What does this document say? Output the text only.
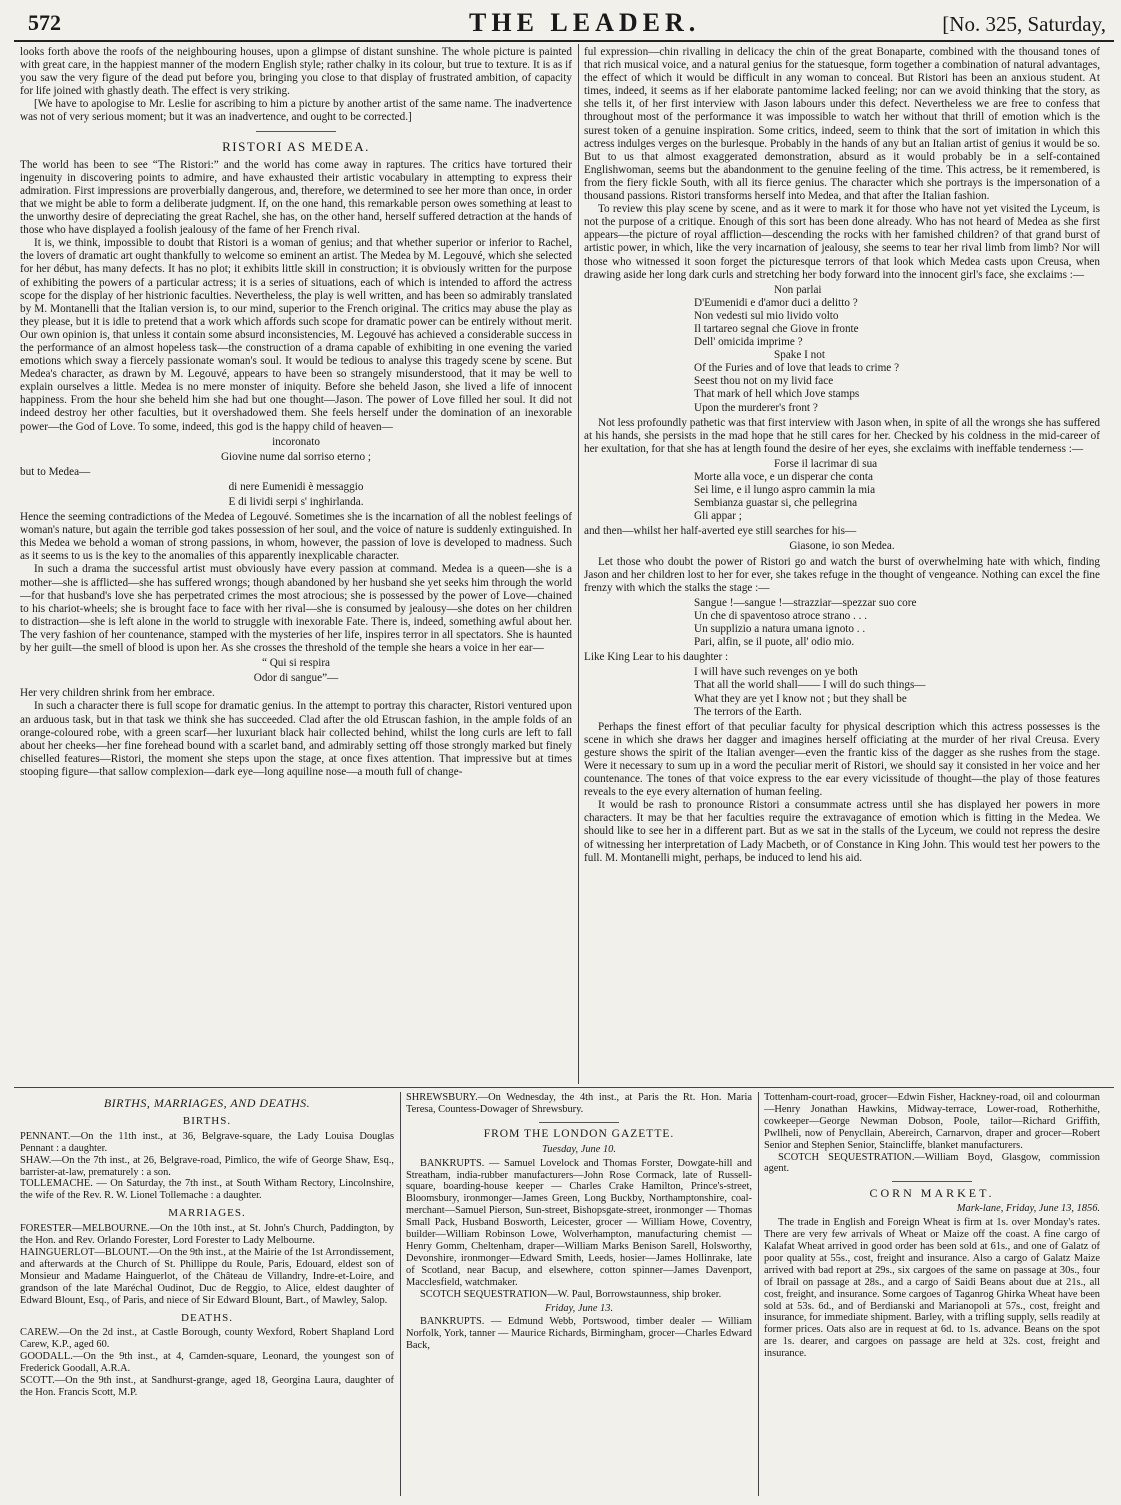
572	THE LEADER.	[No. 325, Saturday,

looks forth above the roofs of the neighbouring houses, upon a glimpse of distant sunshine. The whole picture is painted with great care, in the happiest manner of the modern English style; rather chalky in its colour, but true to texture. It is as if you saw the very figure of the dead put before you, bringing you close to that display of frustrated ambition, of capacity for life joined with ghastly death. The effect is very striking.

[We have to apologise to Mr. Leslie for ascribing to him a picture by another artist of the same name. The inadvertence was not of very serious moment; but it was an inadvertence, and ought to be corrected.]

RISTORI AS MEDEA.

The world has been to see “The Ristori:” and the world has come away in raptures. The critics have tortured their ingenuity in discovering points to admire, and have exhausted their artistic vocabulary in attempting to express their admiration. First impressions are proverbially dangerous, and, therefore, we determined to see her more than once, in order that we might be able to form a deliberate judgment. If, on the one hand, this remarkable person owes something at least to the unworthy desire of depreciating the great Rachel, she has, on the other hand, herself suffered detraction at the hands of those who have displayed a foolish jealousy of the fame of her French rival.

It is, we think, impossible to doubt that Ristori is a woman of genius; and that whether superior or inferior to Rachel, the lovers of dramatic art ought thankfully to welcome so eminent an artist. The Medea by M. Legouvé, which she selected for her début, has many defects. It has no plot; it exhibits little skill in construction; it is obviously written for the purpose of exhibiting the powers of a particular actress; it is a series of situations, each of which is intended to afford the actress scope for the display of her histrionic faculties. Nevertheless, the play is well written, and has been so admirably translated by M. Montanelli that the Italian version is, to our mind, superior to the French original. The critics may abuse the play as they please, but it is idle to pretend that a work which affords such scope for dramatic power can be entirely without merit. Our own opinion is, that unless it contain some absurd inconsistencies, M. Legouvé has achieved a considerable success in the performance of an almost hopeless task—the construction of a drama capable of exhibiting in one evening the varied emotions which sway a fiercely passionate woman's soul. It would be tedious to analyse this tragedy scene by scene. But Medea's character, as drawn by M. Legouvé, appears to have been so strangely misunderstood, that it may be well to explain ourselves a little. Medea is no mere monster of iniquity. Before she beheld Jason, she lived a life of innocent happiness. From the hour she beheld him she had but one thought—Jason. The power of Love filled her soul. It did not indeed destroy her other faculties, but it overshadowed them. She feels herself under the domination of an inexorable power—the God of Love. To some, indeed, this god is the happy child of heaven—

incoronato
Giovine nume dal sorriso eterno ;

but to Medea—

di nere Eumenidi è messaggio
E di lividi serpi s' inghirlanda.

Hence the seeming contradictions of the Medea of Legouvé. Sometimes she is the incarnation of all the noblest feelings of woman's nature, but again the terrible god takes possession of her soul, and the voice of nature is suddenly extinguished. In this Medea we behold a woman of strong passions, in whom, however, the passion of love is developed to madness. Such as it seems to us is the key to the anomalies of this apparently inexplicable character.

In such a drama the successful artist must obviously have every passion at command. Medea is a queen—she is a mother—she is afflicted—she has suffered wrongs; though abandoned by her husband she yet seeks him through the world—for that husband's love she has perpetrated crimes the most atrocious; she is possessed by the power of Love—chained to his chariot-wheels; she is brought face to face with her rival—she is consumed by jealousy—she dotes on her children to distraction—she is left alone in the world to struggle with inexorable Fate. There is, indeed, something awful about her. The very fashion of her countenance, stamped with the mysteries of her life, inspires terror in all spectators. She is haunted by her guilt—the smell of blood is upon her. As she crosses the threshold of the temple she hears a voice in her ear—

“ Qui si respira
Odor di sangue”—

Her very children shrink from her embrace.

In such a character there is full scope for dramatic genius. In the attempt to portray this character, Ristori ventured upon an arduous task, but in that task we think she has succeeded. Clad after the old Etruscan fashion, in the ample folds of an orange-coloured robe, with a green scarf—her luxuriant black hair collected behind, whilst the long curls are left to fall about her cheeks—her fine forehead bound with a scarlet band, and admirably setting off those strongly marked but finely chiselled features—Ristori, the moment she steps upon the stage, at once fixes attention. That impressive but at times stooping figure—that sallow complexion—dark eye—long aquiline nose—a mouth full of change-

ful expression—chin rivalling in delicacy the chin of the great Bonaparte, combined with the thousand tones of that rich musical voice, and a natural genius for the statuesque, form together a combination of natural advantages, the effect of which it would be difficult in any woman to conceal. But Ristori has been an anxious student. At times, indeed, it seems as if her elaborate pantomime lacked feeling; nor can we avoid thinking that the story, as she tells it, of her first interview with Jason labours under this defect. Nevertheless we are free to confess that throughout most of the performance it was impossible to watch her without that thrill of emotion which is the surest token of a genuine inspiration. Some critics, indeed, seem to think that the sort of imitation in which this actress indulges verges on the burlesque. Probably in the hands of any but an Italian artist of genius it would be so. But to us that almost exaggerated demonstration, absurd as it would probably be in a self-contained Englishwoman, seems but the abandonment to the genuine feeling of the time. This actress, be it remembered, is from the fiery fickle South, with all its fierce genius. The character which she portrays is the impersonation of a thousand passions. Ristori transforms herself into Medea, and that after the Italian fashion.

To review this play scene by scene, and as it were to mark it for those who have not yet visited the Lyceum, is not the purpose of a critique. Enough of this sort has been done already. Who has not heard of Medea as she first appears—the picture of royal affliction—descending the rocks with her famished children? of that grand burst of artistic power, in which, like the very incarnation of jealousy, she seems to tear her rival limb from limb? Nor will those who witnessed it soon forget the picturesque terrors of that look which Medea casts upon Creusa, when drawing aside her long dark curls and stretching her body forward into the innocent girl's face, she exclaims :—

Non parlai
D'Eumenidi e d'amor duci a delitto ?
Non vedesti sul mio livido volto
Il tartareo segnal che Giove in fronte
Dell' omicida imprime ?
Spake I not
Of the Furies and of love that leads to crime ?
Seest thou not on my livid face
That mark of hell which Jove stamps
Upon the murderer's front ?

Not less profoundly pathetic was that first interview with Jason when, in spite of all the wrongs she has suffered at his hands, she persists in the mad hope that he still cares for her. Checked by his coldness in the mid-career of her exultation, for that she has at length found the desire of her eyes, she exclaims with ineffable tenderness :—

Forse il lacrimar di sua
Morte alla voce, e un disperar che conta
Sei lime, e il lungo aspro cammin la mia
Sembianza guastar si, che pellegrina
Gli appar ;

and then—whilst her half-averted eye still searches for his—

Giasone, io son Medea.

Let those who doubt the power of Ristori go and watch the burst of overwhelming hate with which, finding Jason and her children lost to her for ever, she takes refuge in the thought of vengeance. Nothing can excel the fine frenzy with which the stalks the stage :—

Sangue !—sangue !—strazziar—spezzar suo core
Un che di spaventoso atroce strano . . .
Un supplizio a natura umana ignoto . .
Pari, alfin, se il puote, all' odio mio.

Like King Lear to his daughter :

I will have such revenges on ye both
That all the world shall—— I will do such things—
What they are yet I know not ; but they shall be
The terrors of the Earth.

Perhaps the finest effort of that peculiar faculty for physical description which this actress possesses is the scene in which she draws her dagger and imagines herself officiating at the murder of her rival Creusa. Every gesture shows the spirit of the Italian avenger—even the frantic kiss of the dagger as she rushes from the stage. Were it necessary to sum up in a word the peculiar merit of Ristori, we should say it consisted in her voice and her countenance. The tones of that voice express to the ear every vicissitude of thought—the play of those features reveals to the eye every alternation of human feeling.

It would be rash to pronounce Ristori a consummate actress until she has displayed her powers in more characters. It may be that her faculties require the extravagance of emotion which is fitting in the Medea. We should like to see her in a different part. But as we sat in the stalls of the Lyceum, we could not repress the desire of witnessing her interpretation of Lady Macbeth, or of Constance in King John. This would test her powers to the full. M. Montanelli might, perhaps, be induced to lend his aid.

BIRTHS, MARRIAGES, AND DEATHS.
BIRTHS.

PENNANT.—On the 11th inst., at 36, Belgrave-square, the Lady Louisa Douglas Pennant : a daughter.

SHAW.—On the 7th inst., at 26, Belgrave-road, Pimlico, the wife of George Shaw, Esq., barrister-at-law, prematurely : a son.

TOLLEMACHE. — On Saturday, the 7th inst., at South Witham Rectory, Lincolnshire, the wife of the Rev. R. W. Lionel Tollemache : a daughter.

MARRIAGES.

FORESTER—MELBOURNE.—On the 10th inst., at St. John's Church, Paddington, by the Hon. and Rev. Orlando Forester, Lord Forester to Lady Melbourne.

HAINGUERLOT—BLOUNT.—On the 9th inst., at the Mairie of the 1st Arrondissement, and afterwards at the Church of St. Phillippe du Roule, Paris, Edouard, eldest son of Monsieur and Madame Hainguerlot, of the Château de Villandry, Indre-et-Loire, and grandson of the late Maréchal Oudinot, Duc de Reggio, to Alice, eldest daughter of Edward Blount, Esq., of Paris, and niece of Sir Edward Blount, Bart., of Mawley, Salop.

DEATHS.

CAREW.—On the 2d inst., at Castle Borough, county Wexford, Robert Shapland Lord Carew, K.P., aged 60.

GOODALL.—On the 9th inst., at 4, Camden-square, Leonard, the youngest son of Frederick Goodall, A.R.A.

SCOTT.—On the 9th inst., at Sandhurst-grange, aged 18, Georgina Laura, daughter of the Hon. Francis Scott, M.P.

SHREWSBURY.—On Wednesday, the 4th inst., at Paris the Rt. Hon. Maria Teresa, Countess-Dowager of Shrewsbury.

FROM THE LONDON GAZETTE.
Tuesday, June 10.

BANKRUPTS. — Samuel Lovelock and Thomas Forster, Dowgate-hill and Streatham, india-rubber manufacturers—John Rose Cormack, late of Russell-square, boarding-house keeper — Charles Crake Hamilton, Prince's-street, Bloomsbury, ironmonger—James Green, Long Buckby, Northamptonshire, coal-merchant—Samuel Pierson, Sun-street, Bishopsgate-street, ironmonger — Thomas Small Pack, Husband Bosworth, Leicester, grocer — William Howe, Coventry, builder—William Robinson Lowe, Wolverhampton, manufacturing chemist —Henry Gomm, Cheltenham, draper—William Marks Benison Sarell, Holsworthy, Devonshire, ironmonger—Edward Smith, Leeds, hosier—James Hollinrake, late of Scotland, near Bacup, and elsewhere, cotton spinner—James Davenport, Macclesfield, watchmaker.

SCOTCH SEQUESTRATION—W. Paul, Borrowstaunness, ship broker.

Friday, June 13.

BANKRUPTS. — Edmund Webb, Portswood, timber dealer — William Norfolk, York, tanner — Maurice Richards, Birmingham, grocer—Charles Edward Back,

Tottenham-court-road, grocer—Edwin Fisher, Hackney-road, oil and colourman—Henry Jonathan Hawkins, Midway-terrace, Lower-road, Rotherhithe, cowkeeper—George Newman Dobson, Poole, tailor—Richard Griffith, Pwllheli, now of Penycllain, Abereirch, Carnarvon, draper and grocer—Robert Senior and Stephen Senior, Staincliffe, blanket manufacturers.

SCOTCH SEQUESTRATION.—William Boyd, Glasgow, commission agent.

CORN MARKET.
Mark-lane, Friday, June 13, 1856.

The trade in English and Foreign Wheat is firm at 1s. over Monday's rates. There are very few arrivals of Wheat or Maize off the coast. A fine cargo of Kalafat Wheat arrived in good order has been sold at 61s., and one of Galatz of poor quality at 55s., cost, freight and insurance. Also a cargo of Galatz Maize arrived with bad report at 29s., six cargoes of the same on passage at 30s., four of Ibrail on passage at 28s., and a cargo of Saidi Beans about due at 21s., all cost, freight, and insurance. Some cargoes of Taganrog Ghirka Wheat have been sold at 53s. 6d., and of Berdianski and Marianopoli at 57s., cost, freight and insurance, for immediate shipment. Barley, with a trifling supply, sells readily at former prices. Oats also are in request at 6d. to 1s. advance. Beans on the spot are 1s. dearer, and cargoes on passage are held at 32s. cost, freight and insurance.
